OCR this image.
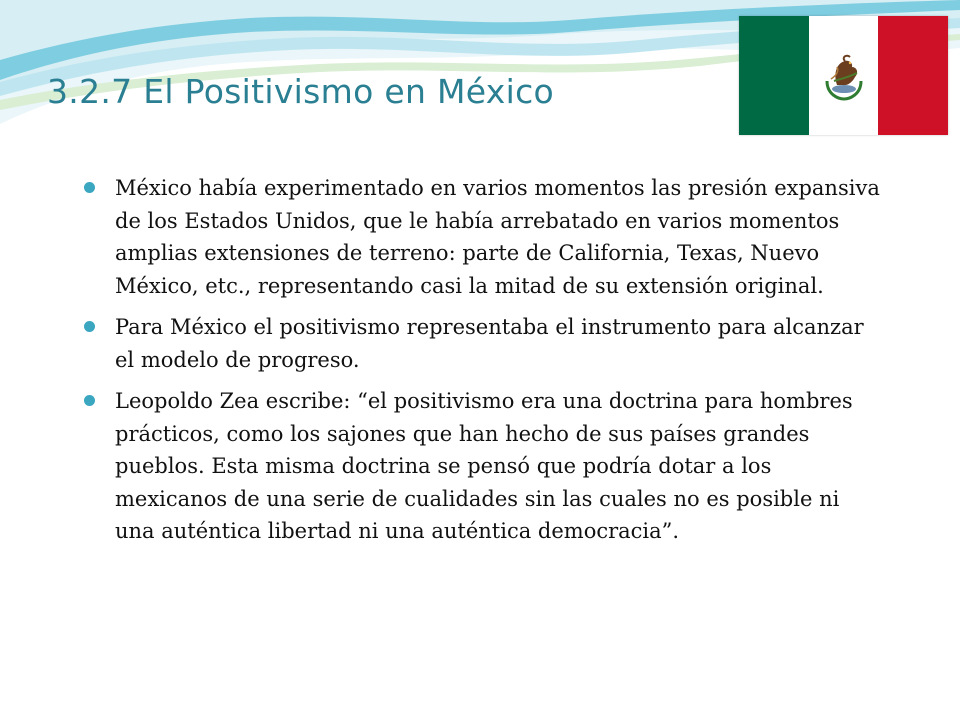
3.2.7 El Positivismo en México
México había experimentado en varios momentos las presión expansiva de los Estados Unidos, que le había arrebatado en varios momentos amplias extensiones de terreno: parte de California, Texas, Nuevo México, etc., representando casi la mitad de su extensión original.
Para México el positivismo representaba el instrumento para alcanzar el modelo de progreso.
Leopoldo Zea escribe: “el positivismo era una doctrina para hombres prácticos, como los sajones que han hecho de sus países grandes pueblos. Esta misma doctrina se pensó que podría dotar a los mexicanos de una serie de cualidades sin las cuales no es posible ni una auténtica libertad ni una auténtica democracia”.
